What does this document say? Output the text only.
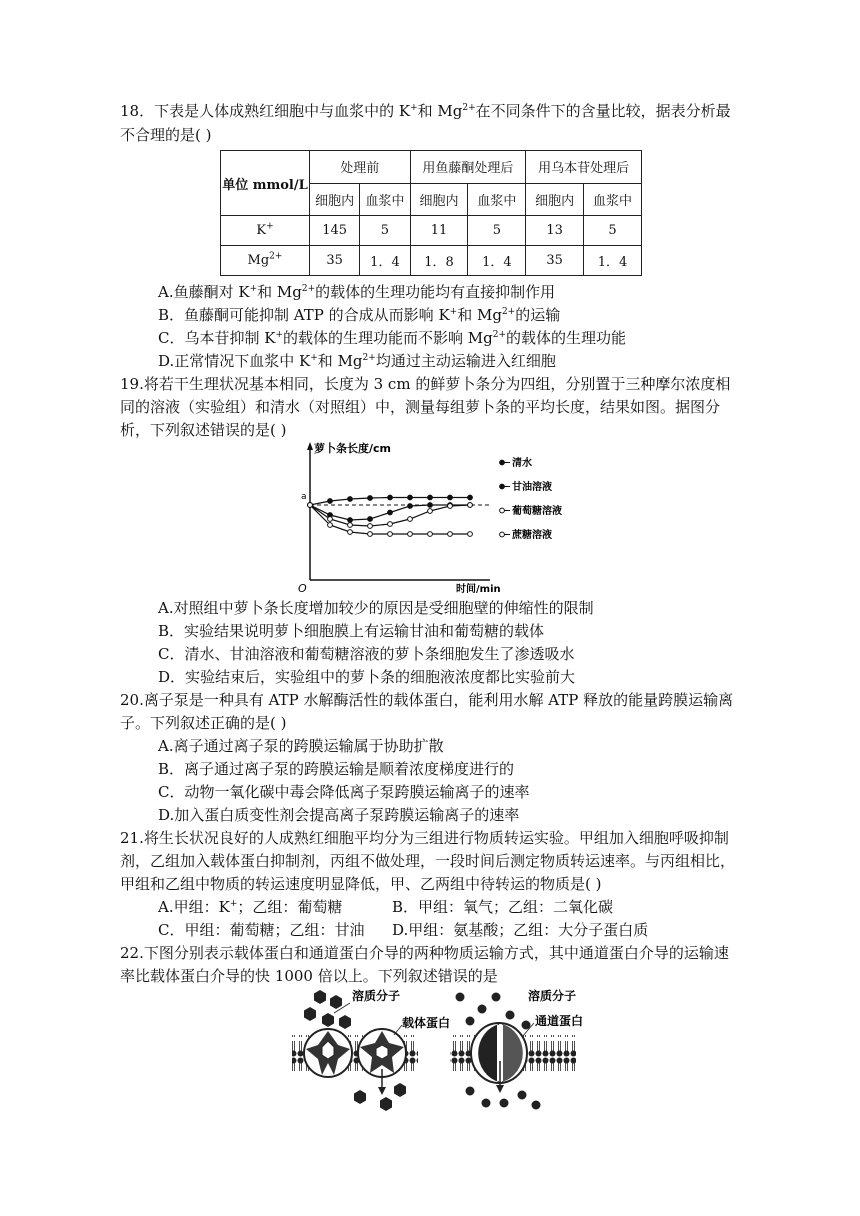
18．下表是人体成熟红细胞中与血浆中的 K+和 $Mg^{2+}$在不同条件下的含量比较，据表分析最
不合理的是( )
单位 mmol/L	处理前		用鱼藤酮处理后		用乌本苷处理后	
	细胞内	血浆中	细胞内	血浆中	细胞内	血浆中
K+	145	5	11	5	13	5
$Mg^{2+}$	35	1．4	1．8	1．4	35	1．4
A.鱼藤酮对 K+和 $Mg^{2+}$的载体的生理功能均有直接抑制作用
B．鱼藤酮可能抑制 ATP 的合成从而影响 K+和 $Mg^{2+}$的运输
C．乌本苷抑制 K+的载体的生理功能而不影响 $Mg^{2+}$的载体的生理功能
D.正常情况下血浆中 K+和 $Mg^{2+}$均通过主动运输进入红细胞
19.将若干生理状况基本相同，长度为 3 cm 的鲜萝卜条分为四组，分别置于三种摩尔浓度相
同的溶液（实验组）和清水（对照组）中，测量每组萝卜条的平均长度，结果如图。据图分
析，下列叙述错误的是( )
萝卜条长度/cm
时间/min
O
a
清水
甘油溶液
葡萄糖溶液
蔗糖溶液
A.对照组中萝卜条长度增加较少的原因是受细胞壁的伸缩性的限制
B．实验结果说明萝卜细胞膜上有运输甘油和葡萄糖的载体
C．清水、甘油溶液和葡萄糖溶液的萝卜条细胞发生了渗透吸水
D．实验结束后，实验组中的萝卜条的细胞液浓度都比实验前大
20.离子泵是一种具有 ATP 水解酶活性的载体蛋白，能利用水解 ATP 释放的能量跨膜运输离
子。下列叙述正确的是( )
A.离子通过离子泵的跨膜运输属于协助扩散
B．离子通过离子泵的跨膜运输是顺着浓度梯度进行的
C．动物一氧化碳中毒会降低离子泵跨膜运输离子的速率
D.加入蛋白质变性剂会提高离子泵跨膜运输离子的速率
21.将生长状况良好的人成熟红细胞平均分为三组进行物质转运实验。甲组加入细胞呼吸抑制
剂，乙组加入载体蛋白抑制剂，丙组不做处理，一段时间后测定物质转运速率。与丙组相比，
甲组和乙组中物质的转运速度明显降低，甲、乙两组中待转运的物质是( )
A.甲组：K+；乙组：葡萄糖	B．甲组：氧气；乙组：二氧化碳
C．甲组：葡萄糖；乙组：甘油 D.甲组：氨基酸；乙组：大分子蛋白质
22.下图分别表示载体蛋白和通道蛋白介导的两种物质运输方式，其中通道蛋白介导的运输速
率比载体蛋白介导的快 1000 倍以上。下列叙述错误的是
溶质分子
载体蛋白
溶质分子
通道蛋白
